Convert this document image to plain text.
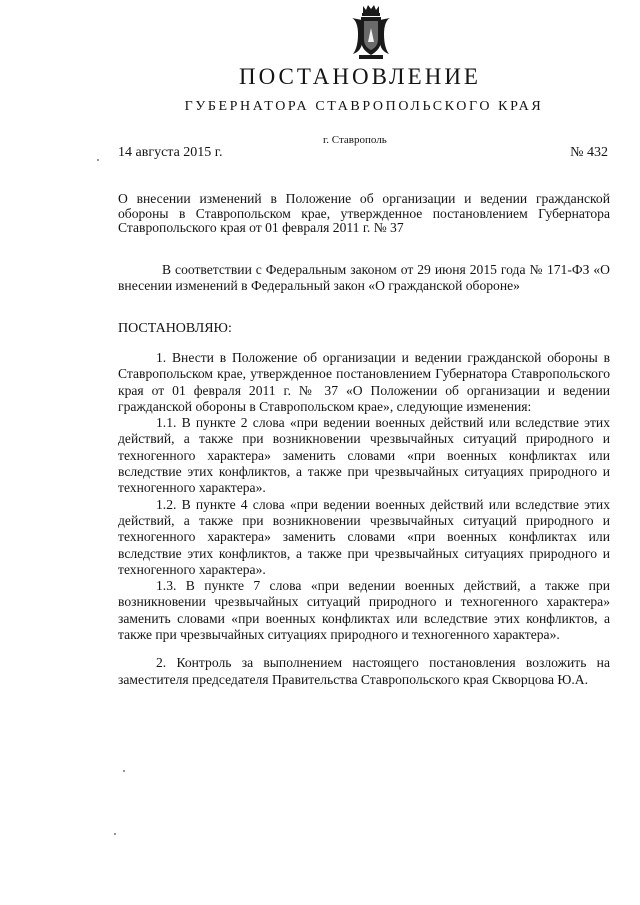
ПОСТАНОВЛЕНИЕ
ГУБЕРНАТОРА СТАВРОПОЛЬСКОГО КРАЯ
г. Ставрополь
14 августа 2015 г.	№ 432
О внесении изменений в Положение об организации и ведении гражданской обороны в Ставропольском крае, утвержденное постановлением Губернатора Ставропольского края от 01 февраля 2011 г. № 37
В соответствии с Федеральным законом от 29 июня 2015 года № 171-ФЗ «О внесении изменений в Федеральный закон «О гражданской обороне»
ПОСТАНОВЛЯЮ:

1. Внести в Положение об организации и ведении гражданской обороны в Ставропольском крае, утвержденное постановлением Губернатора Ставропольского края от 01 февраля 2011 г. № 37 «О Положении об организации и ведении гражданской обороны в Ставропольском крае», следующие изменения:

1.1. В пункте 2 слова «при ведении военных действий или вследствие этих действий, а также при возникновении чрезвычайных ситуаций природного и техногенного характера» заменить словами «при военных конфликтах или вследствие этих конфликтов, а также при чрезвычайных ситуациях природного и техногенного характера».

1.2. В пункте 4 слова «при ведении военных действий или вследствие этих действий, а также при возникновении чрезвычайных ситуаций природного и техногенного характера» заменить словами «при военных конфликтах или вследствие этих конфликтов, а также при чрезвычайных ситуациях природного и техногенного характера».

1.3. В пункте 7 слова «при ведении военных действий, а также при возникновении чрезвычайных ситуаций природного и техногенного характера» заменить словами «при военных конфликтах или вследствие этих конфликтов, а также при чрезвычайных ситуациях природного и техногенного характера».

2. Контроль за выполнением настоящего постановления возложить на заместителя председателя Правительства Ставропольского края Скворцова Ю.А.
